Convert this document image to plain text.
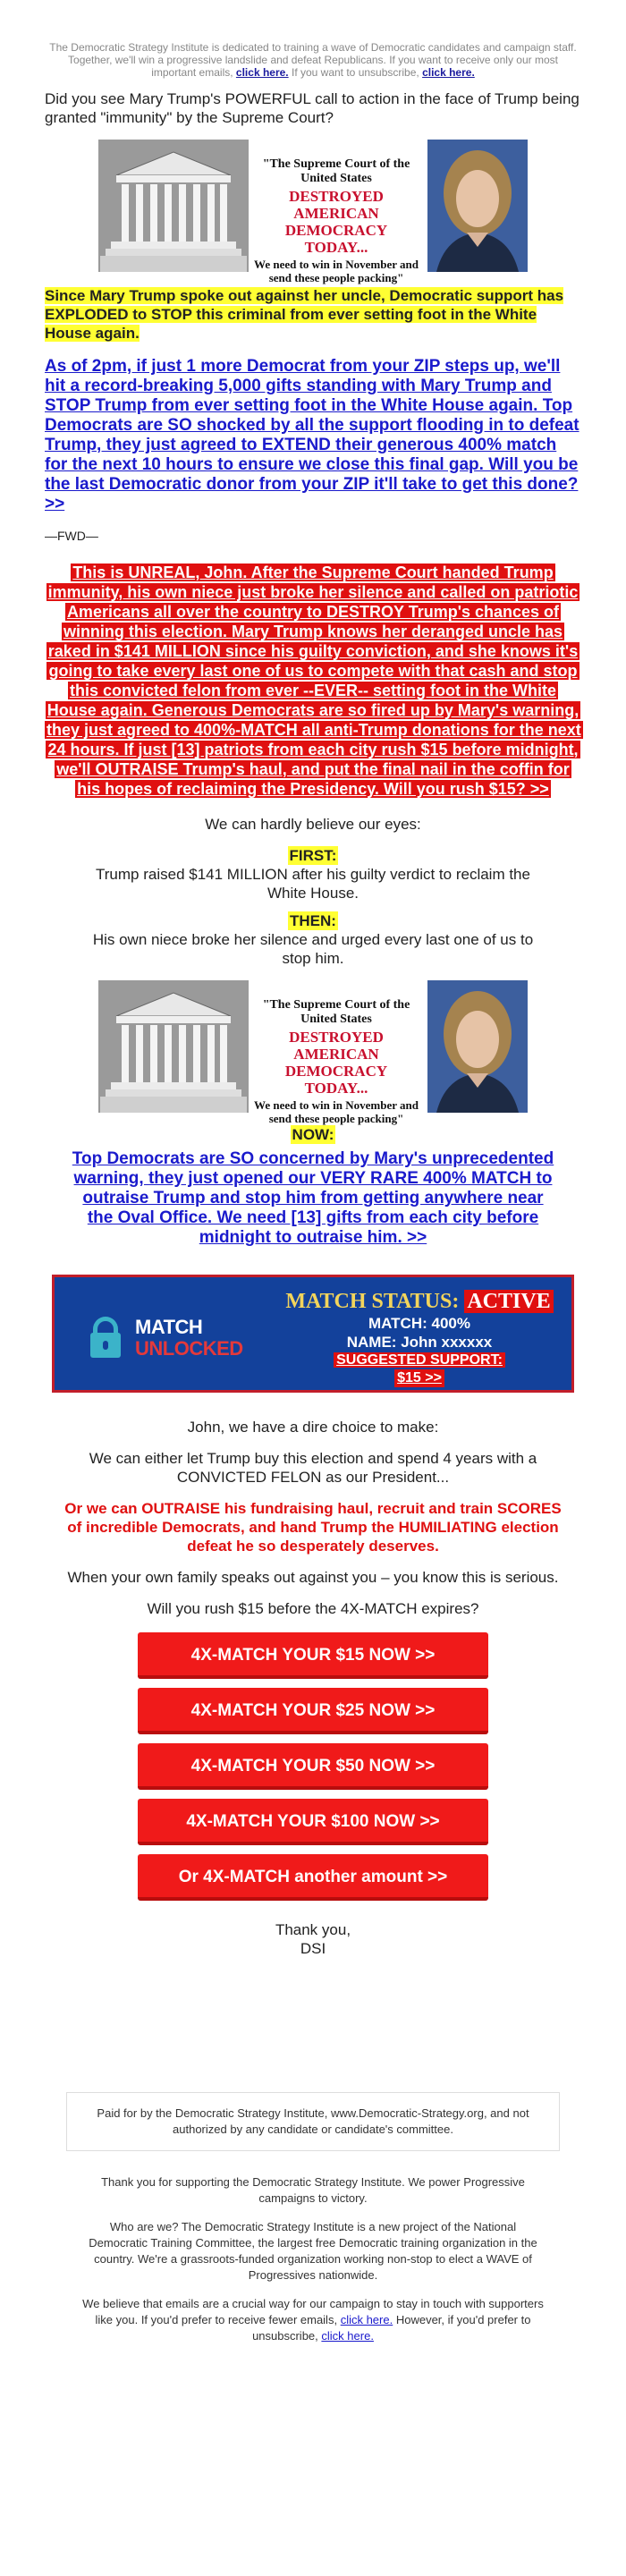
The Democratic Strategy Institute is dedicated to training a wave of Democratic candidates and campaign staff. Together, we'll win a progressive landslide and defeat Republicans. If you want to receive only our most important emails, click here. If you want to unsubscribe, click here.
Did you see Mary Trump's POWERFUL call to action in the face of Trump being granted "immunity" by the Supreme Court?
"The Supreme Court of the United States
DESTROYED AMERICAN DEMOCRACY TODAY...
We need to win in November and send these people packing"
Since Mary Trump spoke out against her uncle, Democratic support has EXPLODED to STOP this criminal from ever setting foot in the White House again.
As of 2pm, if just 1 more Democrat from your ZIP steps up, we'll hit a record-breaking 5,000 gifts standing with Mary Trump and STOP Trump from ever setting foot in the White House again. Top Democrats are SO shocked by all the support flooding in to defeat Trump, they just agreed to EXTEND their generous 400% match for the next 10 hours to ensure we close this final gap. Will you be the last Democratic donor from your ZIP it'll take to get this done? >>
—FWD—
This is UNREAL, John. After the Supreme Court handed Trump immunity, his own niece just broke her silence and called on patriotic Americans all over the country to DESTROY Trump's chances of winning this election. Mary Trump knows her deranged uncle has raked in $141 MILLION since his guilty conviction, and she knows it's going to take every last one of us to compete with that cash and stop this convicted felon from ever --EVER-- setting foot in the White House again. Generous Democrats are so fired up by Mary's warning, they just agreed to 400%-MATCH all anti-Trump donations for the next 24 hours. If just [13] patriots from each city rush $15 before midnight, we'll OUTRAISE Trump's haul, and put the final nail in the coffin for his hopes of reclaiming the Presidency. Will you rush $15? >>
We can hardly believe our eyes:
FIRST:
Trump raised $141 MILLION after his guilty verdict to reclaim the White House.
THEN:
His own niece broke her silence and urged every last one of us to stop him.
"The Supreme Court of the United States
DESTROYED AMERICAN DEMOCRACY TODAY...
We need to win in November and send these people packing"
NOW:
Top Democrats are SO concerned by Mary's unprecedented warning, they just opened our VERY RARE 400% MATCH to outraise Trump and stop him from getting anywhere near the Oval Office. We need [13] gifts from each city before midnight to outraise him. >>
MATCH
UNLOCKED
MATCH STATUS: ACTIVE
MATCH: 400%
NAME: John xxxxxx
SUGGESTED SUPPORT:
$15 >>
John, we have a dire choice to make:
We can either let Trump buy this election and spend 4 years with a CONVICTED FELON as our President...
Or we can OUTRAISE his fundraising haul, recruit and train SCORES of incredible Democrats, and hand Trump the HUMILIATING election defeat he so desperately deserves.
When your own family speaks out against you – you know this is serious.
Will you rush $15 before the 4X-MATCH expires?
4X-MATCH YOUR $15 NOW >>
4X-MATCH YOUR $25 NOW >>
4X-MATCH YOUR $50 NOW >>
4X-MATCH YOUR $100 NOW >>
Or 4X-MATCH another amount >>
Thank you,
DSI
Paid for by the Democratic Strategy Institute, www.Democratic-Strategy.org, and not authorized by any candidate or candidate's committee.
Thank you for supporting the Democratic Strategy Institute. We power Progressive campaigns to victory.
Who are we? The Democratic Strategy Institute is a new project of the National Democratic Training Committee, the largest free Democratic training organization in the country. We're a grassroots-funded organization working non-stop to elect a WAVE of Progressives nationwide.
We believe that emails are a crucial way for our campaign to stay in touch with supporters like you. If you'd prefer to receive fewer emails, click here. However, if you'd prefer to unsubscribe, click here.
